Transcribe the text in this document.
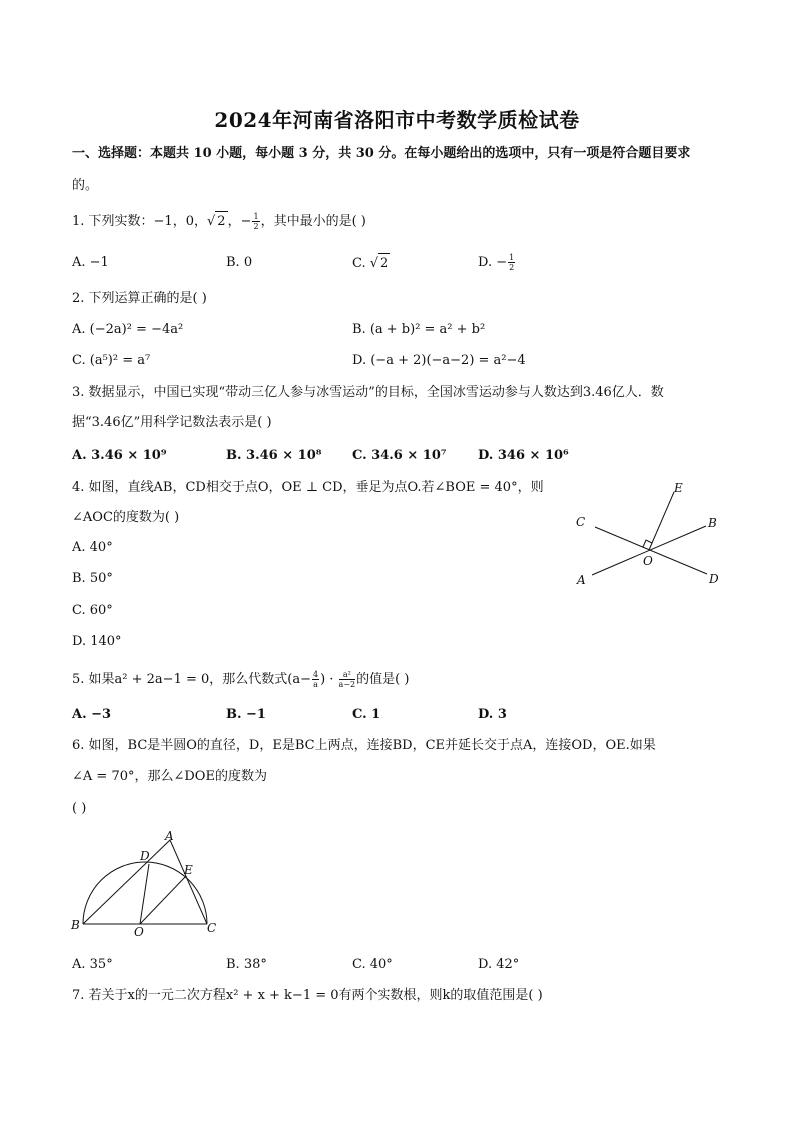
2024年河南省洛阳市中考数学质检试卷
一、选择题：本题共 10 小题，每小题 3 分，共 30 分。在每小题给出的选项中，只有一项是符合题目要求
的。
1. 下列实数：−1，0，√ 2 ，− $\frac{1}{2}$ ，其中最小的是( )
A. −1	B. 0	C. √ 2	D. − $\frac{1}{2}$
2. 下列运算正确的是( )
A. (−2a)² = −4a²	B. (a + b)² = a² + b²
C. (a⁵)² = a⁷	D. (−a + 2)(−a−2) = a²−4
3. 数据显示，中国已实现“带动三亿人参与冰雪运动”的目标，全国冰雪运动参与人数达到3.46亿人．数
据“3.46亿”用科学记数法表示是( )
A. 3.46 × 10⁹	B. 3.46 × 10⁸ C. 34.6 × 10⁷ D. 346 × 10⁶
4. 如图，直线AB，CD相交于点O，OE ⊥ CD，垂足为点O.若∠BOE = 40°，则
∠AOC的度数为( )
A. 40°
B. 50°
C. 60°
D. 140°
E
C	B
O
A	D
5. 如果a² + 2a−1 = 0，那么代数式($a- \frac{4}{a}$ ) · $\frac{\text{a²}}{a-2}$ 的值是( )
A. −3	B. −1	C. 1	D. 3
6. 如图，BC是半圆O的直径，D，E是BC上两点，连接BD，CE并延长交于点A，连接OD，OE.如果
∠A = 70°，那么∠DOE的度数为
( )
A
D
E
B	O	C
A. 35°	B. 38°	C. 40°	D. 42°
7. 若关于x的一元二次方程x² + x + k−1 = 0有两个实数根，则k的取值范围是( )
